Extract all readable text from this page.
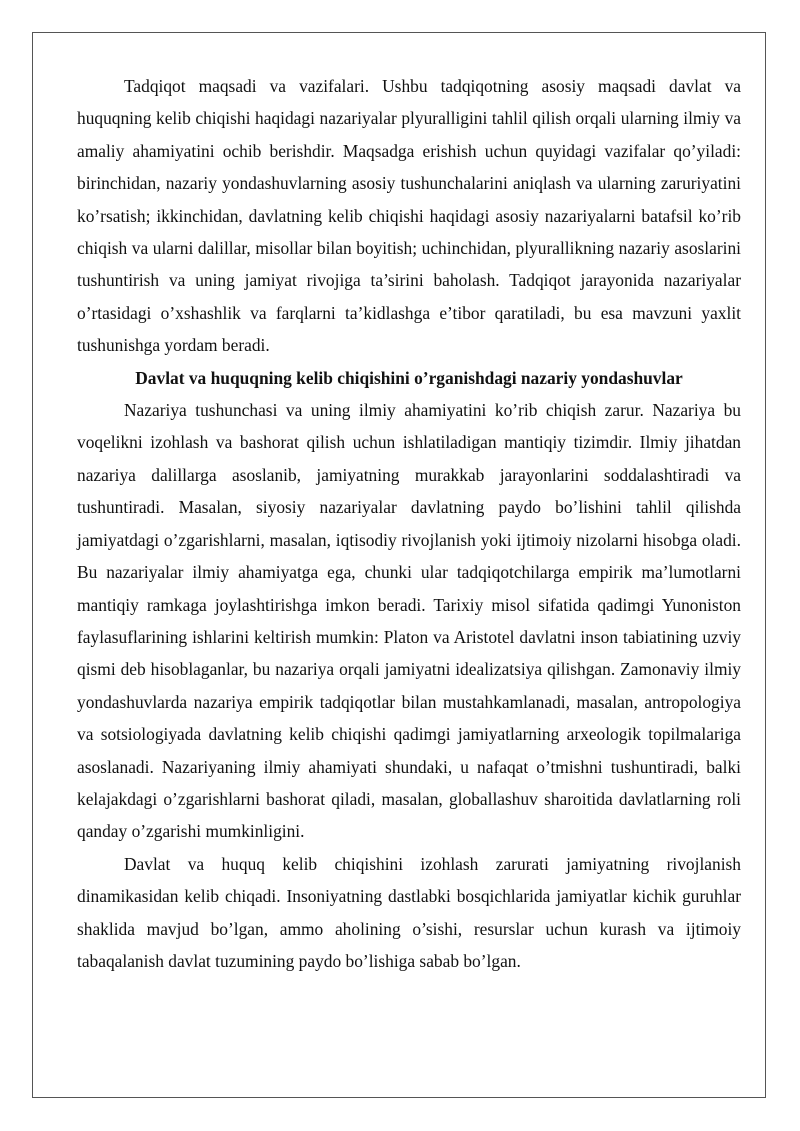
Tadqiqot maqsadi va vazifalari. Ushbu tadqiqotning asosiy maqsadi davlat va huquqning kelib chiqishi haqidagi nazariyalar plyuralligini tahlil qilish orqali ularning ilmiy va amaliy ahamiyatini ochib berishdir. Maqsadga erishish uchun quyidagi vazifalar qo’yiladi: birinchidan, nazariy yondashuvlarning asosiy tushunchalarini aniqlash va ularning zaruriyatini ko’rsatish; ikkinchidan, davlatning kelib chiqishi haqidagi asosiy nazariyalarni batafsil ko’rib chiqish va ularni dalillar, misollar bilan boyitish; uchinchidan, plyurallikning nazariy asoslarini tushuntirish va uning jamiyat rivojiga ta’sirini baholash. Tadqiqot jarayonida nazariyalar o’rtasidagi o’xshashlik va farqlarni ta’kidlashga e’tibor qaratiladi, bu esa mavzuni yaxlit tushunishga yordam beradi.

Davlat va huquqning kelib chiqishini o’rganishdagi nazariy yondashuvlar

Nazariya tushunchasi va uning ilmiy ahamiyatini ko’rib chiqish zarur. Nazariya bu voqelikni izohlash va bashorat qilish uchun ishlatiladigan mantiqiy tizimdir. Ilmiy jihatdan nazariya dalillarga asoslanib, jamiyatning murakkab jarayonlarini soddalashtiradi va tushuntiradi. Masalan, siyosiy nazariyalar davlatning paydo bo’lishini tahlil qilishda jamiyatdagi o’zgarishlarni, masalan, iqtisodiy rivojlanish yoki ijtimoiy nizolarni hisobga oladi. Bu nazariyalar ilmiy ahamiyatga ega, chunki ular tadqiqotchilarga empirik ma’lumotlarni mantiqiy ramkaga joylashtirishga imkon beradi. Tarixiy misol sifatida qadimgi Yunoniston faylasuflarining ishlarini keltirish mumkin: Platon va Aristotel davlatni inson tabiatining uzviy qismi deb hisoblaganlar, bu nazariya orqali jamiyatni idealizatsiya qilishgan. Zamonaviy ilmiy yondashuvlarda nazariya empirik tadqiqotlar bilan mustahkamlanadi, masalan, antropologiya va sotsiologiyada davlatning kelib chiqishi qadimgi jamiyatlarning arxeologik topilmalariga asoslanadi. Nazariyaning ilmiy ahamiyati shundaki, u nafaqat o’tmishni tushuntiradi, balki kelajakdagi o’zgarishlarni bashorat qiladi, masalan, globallashuv sharoitida davlatlarning roli qanday o’zgarishi mumkinligini.

Davlat va huquq kelib chiqishini izohlash zarurati jamiyatning rivojlanish dinamikasidan kelib chiqadi. Insoniyatning dastlabki bosqichlarida jamiyatlar kichik guruhlar shaklida mavjud bo’lgan, ammo aholining o’sishi, resurslar uchun kurash va ijtimoiy tabaqalanish davlat tuzumining paydo bo’lishiga sabab bo’lgan.
